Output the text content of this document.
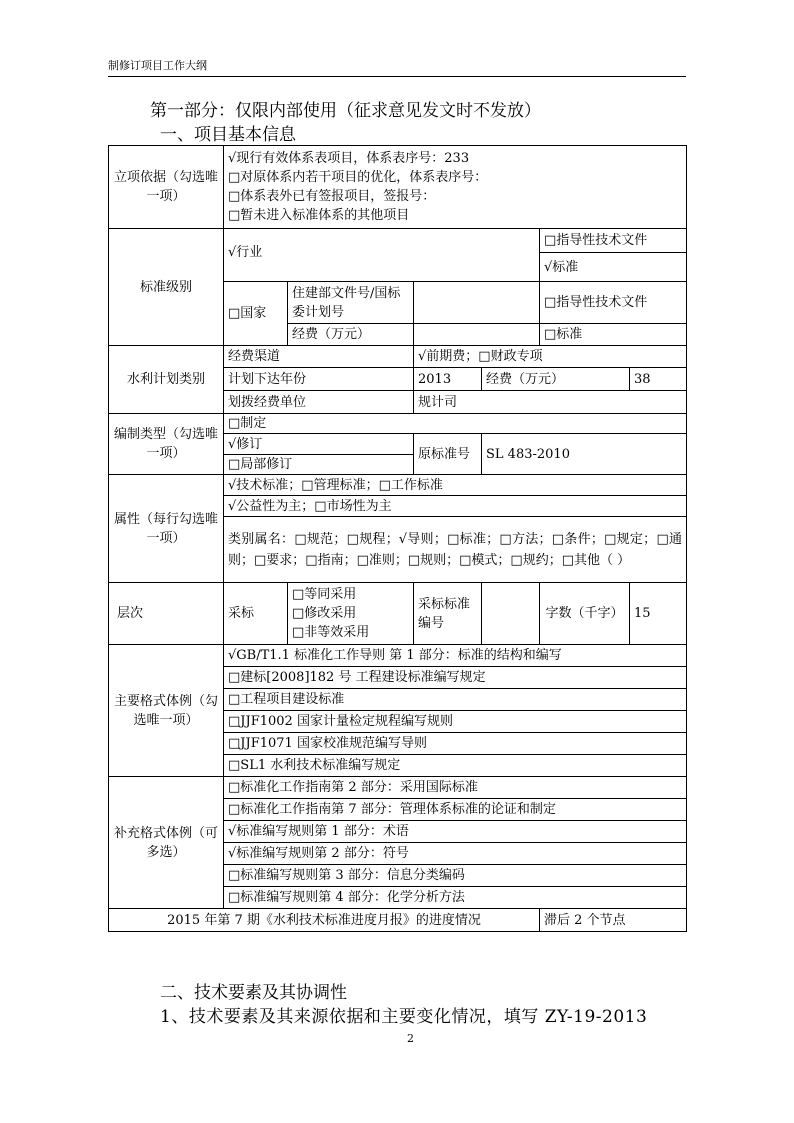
制修订项目工作大纲
第一部分：仅限内部使用（征求意见发文时不发放）
一、项目基本信息
立项依据（勾选唯一项）	√现行有效体系表项目，体系表序号：233
□对原体系内若干项目的优化，体系表序号：
□体系表外已有签报项目，签报号：
□暂未进入标准体系的其他项目					

标准级别	√行业				□指导性技术文件	
					√标准	
	□国家	住建部文件号/国标委计划号			□指导性技术文件	
		经费（万元）			□标准	
水利计划类别	经费渠道		√前期费；□财政专项			
	计划下达年份		2013	经费（万元）		38
	划拨经费单位		规计司			
编制类型（勾选唯一项）	□制定					
	√修订		原标准号	SL 483-2010		
	□局部修订					
属性（每行勾选唯一项）	√技术标准；□管理标准；□工作标准					
	√公益性为主；□市场性为主					
	类别属名：□规范；□规程；√导则；□标准；□方法；□条件；□规定；□通则；□要求；□指南；□准则；□规则；□模式；□规约；□其他（ ）					
层次	采标	□等同采用
□修改采用
□非等效采用	采标标准编号		字数（千字）	15
主要格式体例（勾选唯一项）	√GB/T1.1 标准化工作导则 第 1 部分：标准的结构和编写					
	□建标[2008]182 号 工程建设标准编写规定					
	□工程项目建设标准					
	□JJF1002 国家计量检定规程编写规则					
	□JJF1071 国家校准规范编写导则					
	□SL1 水利技术标准编写规定					
补充格式体例（可多选）	□标准化工作指南第 2 部分：采用国际标准					
	□标准化工作指南第 7 部分：管理体系标准的论证和制定					
	√标准编写规则第 1 部分：术语					
	√标准编写规则第 2 部分：符号					
	□标准编写规则第 3 部分：信息分类编码					
	□标准编写规则第 4 部分：化学分析方法					
2015 年第 7 期《水利技术标准进度月报》的进度情况					滞后 2 个节点	
二、技术要素及其协调性
1、技术要素及其来源依据和主要变化情况，填写 ZY-19-2013
2
